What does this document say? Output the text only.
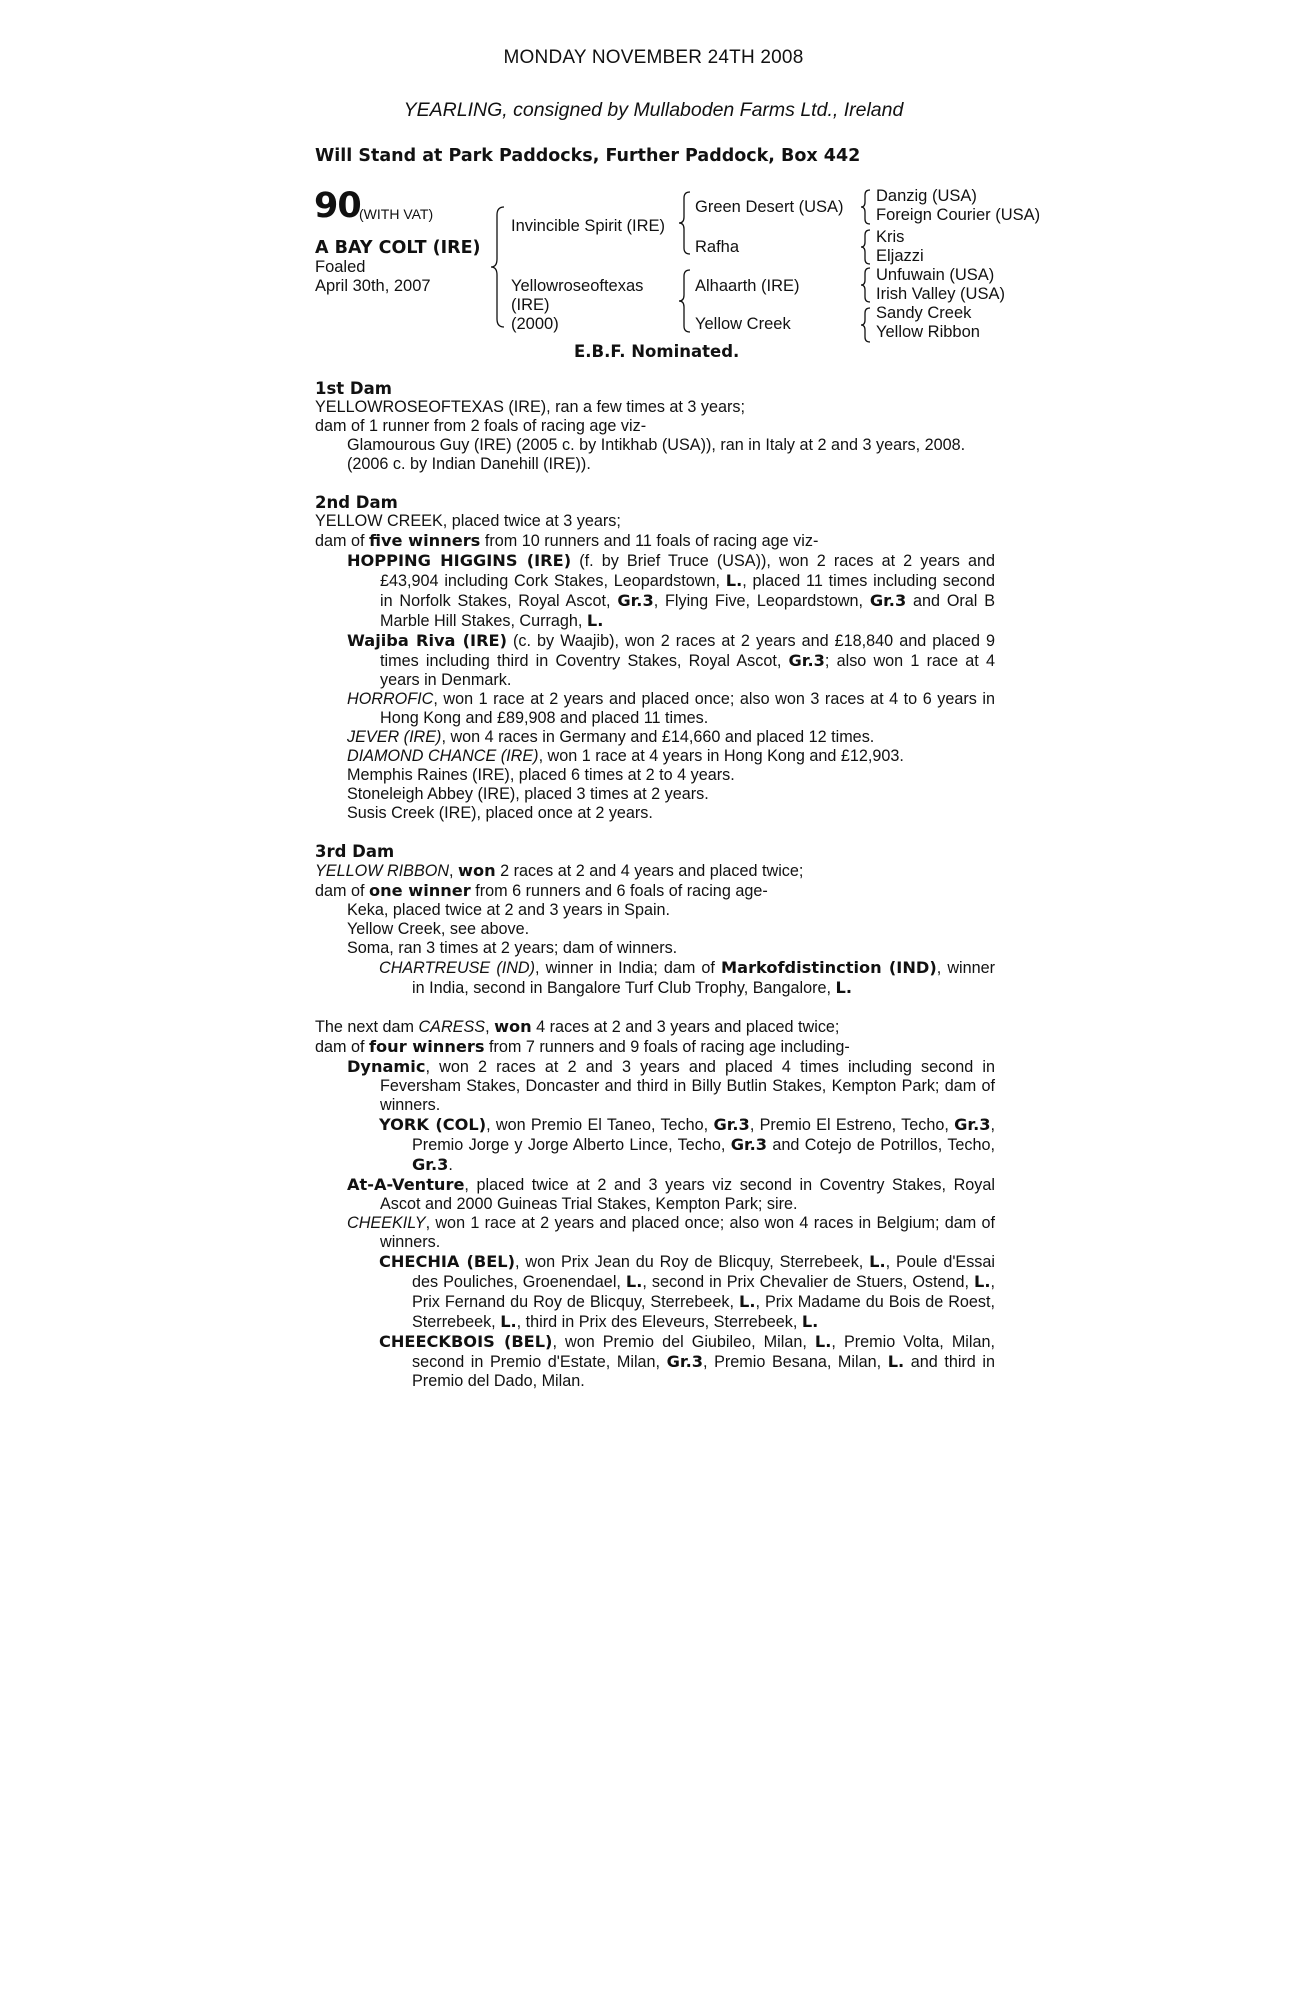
MONDAY NOVEMBER 24TH 2008
YEARLING, consigned by Mullaboden Farms Ltd., Ireland
Will Stand at Park Paddocks, Further Paddock, Box 442
90
(WITH VAT)
A BAY COLT (IRE)
Foaled
April 30th, 2007
Invincible Spirit (IRE)
Yellowroseoftexas
(IRE)
(2000)
Green Desert (USA)
Rafha
Alhaarth (IRE)
Yellow Creek
Danzig (USA)
Foreign Courier (USA)
Kris
Eljazzi
Unfuwain (USA)
Irish Valley (USA)
Sandy Creek
Yellow Ribbon
E.B.F. Nominated.

1st Dam

YELLOWROSEOFTEXAS (IRE), ran a few times at 3 years;

dam of 1 runner from 2 foals of racing age viz-

Glamourous Guy (IRE) (2005 c. by Intikhab (USA)), ran in Italy at 2 and 3 years, 2008.

(2006 c. by Indian Danehill (IRE)).

2nd Dam

YELLOW CREEK, placed twice at 3 years;

dam of five winners from 10 runners and 11 foals of racing age viz-

HOPPING HIGGINS (IRE) (f. by Brief Truce (USA)), won 2 races at 2 years and £43,904 including Cork Stakes, Leopardstown, L., placed 11 times including second in Norfolk Stakes, Royal Ascot, Gr.3, Flying Five, Leopardstown, Gr.3 and Oral B Marble Hill Stakes, Curragh, L.

Wajiba Riva (IRE) (c. by Waajib), won 2 races at 2 years and £18,840 and placed 9 times including third in Coventry Stakes, Royal Ascot, Gr.3; also won 1 race at 4 years in Denmark.

HORROFIC, won 1 race at 2 years and placed once; also won 3 races at 4 to 6 years in Hong Kong and £89,908 and placed 11 times.

JEVER (IRE), won 4 races in Germany and £14,660 and placed 12 times.

DIAMOND CHANCE (IRE), won 1 race at 4 years in Hong Kong and £12,903.

Memphis Raines (IRE), placed 6 times at 2 to 4 years.

Stoneleigh Abbey (IRE), placed 3 times at 2 years.

Susis Creek (IRE), placed once at 2 years.

3rd Dam

YELLOW RIBBON, won 2 races at 2 and 4 years and placed twice;

dam of one winner from 6 runners and 6 foals of racing age-

Keka, placed twice at 2 and 3 years in Spain.

Yellow Creek, see above.

Soma, ran 3 times at 2 years; dam of winners.

CHARTREUSE (IND), winner in India; dam of Markofdistinction (IND), winner in India, second in Bangalore Turf Club Trophy, Bangalore, L.

The next dam CARESS, won 4 races at 2 and 3 years and placed twice;

dam of four winners from 7 runners and 9 foals of racing age including-

Dynamic, won 2 races at 2 and 3 years and placed 4 times including second in Feversham Stakes, Doncaster and third in Billy Butlin Stakes, Kempton Park; dam of winners.

YORK (COL), won Premio El Taneo, Techo, Gr.3, Premio El Estreno, Techo, Gr.3, Premio Jorge y Jorge Alberto Lince, Techo, Gr.3 and Cotejo de Potrillos, Techo, Gr.3.

At-A-Venture, placed twice at 2 and 3 years viz second in Coventry Stakes, Royal Ascot and 2000 Guineas Trial Stakes, Kempton Park; sire.

CHEEKILY, won 1 race at 2 years and placed once; also won 4 races in Belgium; dam of winners.

CHECHIA (BEL), won Prix Jean du Roy de Blicquy, Sterrebeek, L., Poule d'Essai des Pouliches, Groenendael, L., second in Prix Chevalier de Stuers, Ostend, L., Prix Fernand du Roy de Blicquy, Sterrebeek, L., Prix Madame du Bois de Roest, Sterrebeek, L., third in Prix des Eleveurs, Sterrebeek, L.

CHEECKBOIS (BEL), won Premio del Giubileo, Milan, L., Premio Volta, Milan, second in Premio d'Estate, Milan, Gr.3, Premio Besana, Milan, L. and third in Premio del Dado, Milan.
